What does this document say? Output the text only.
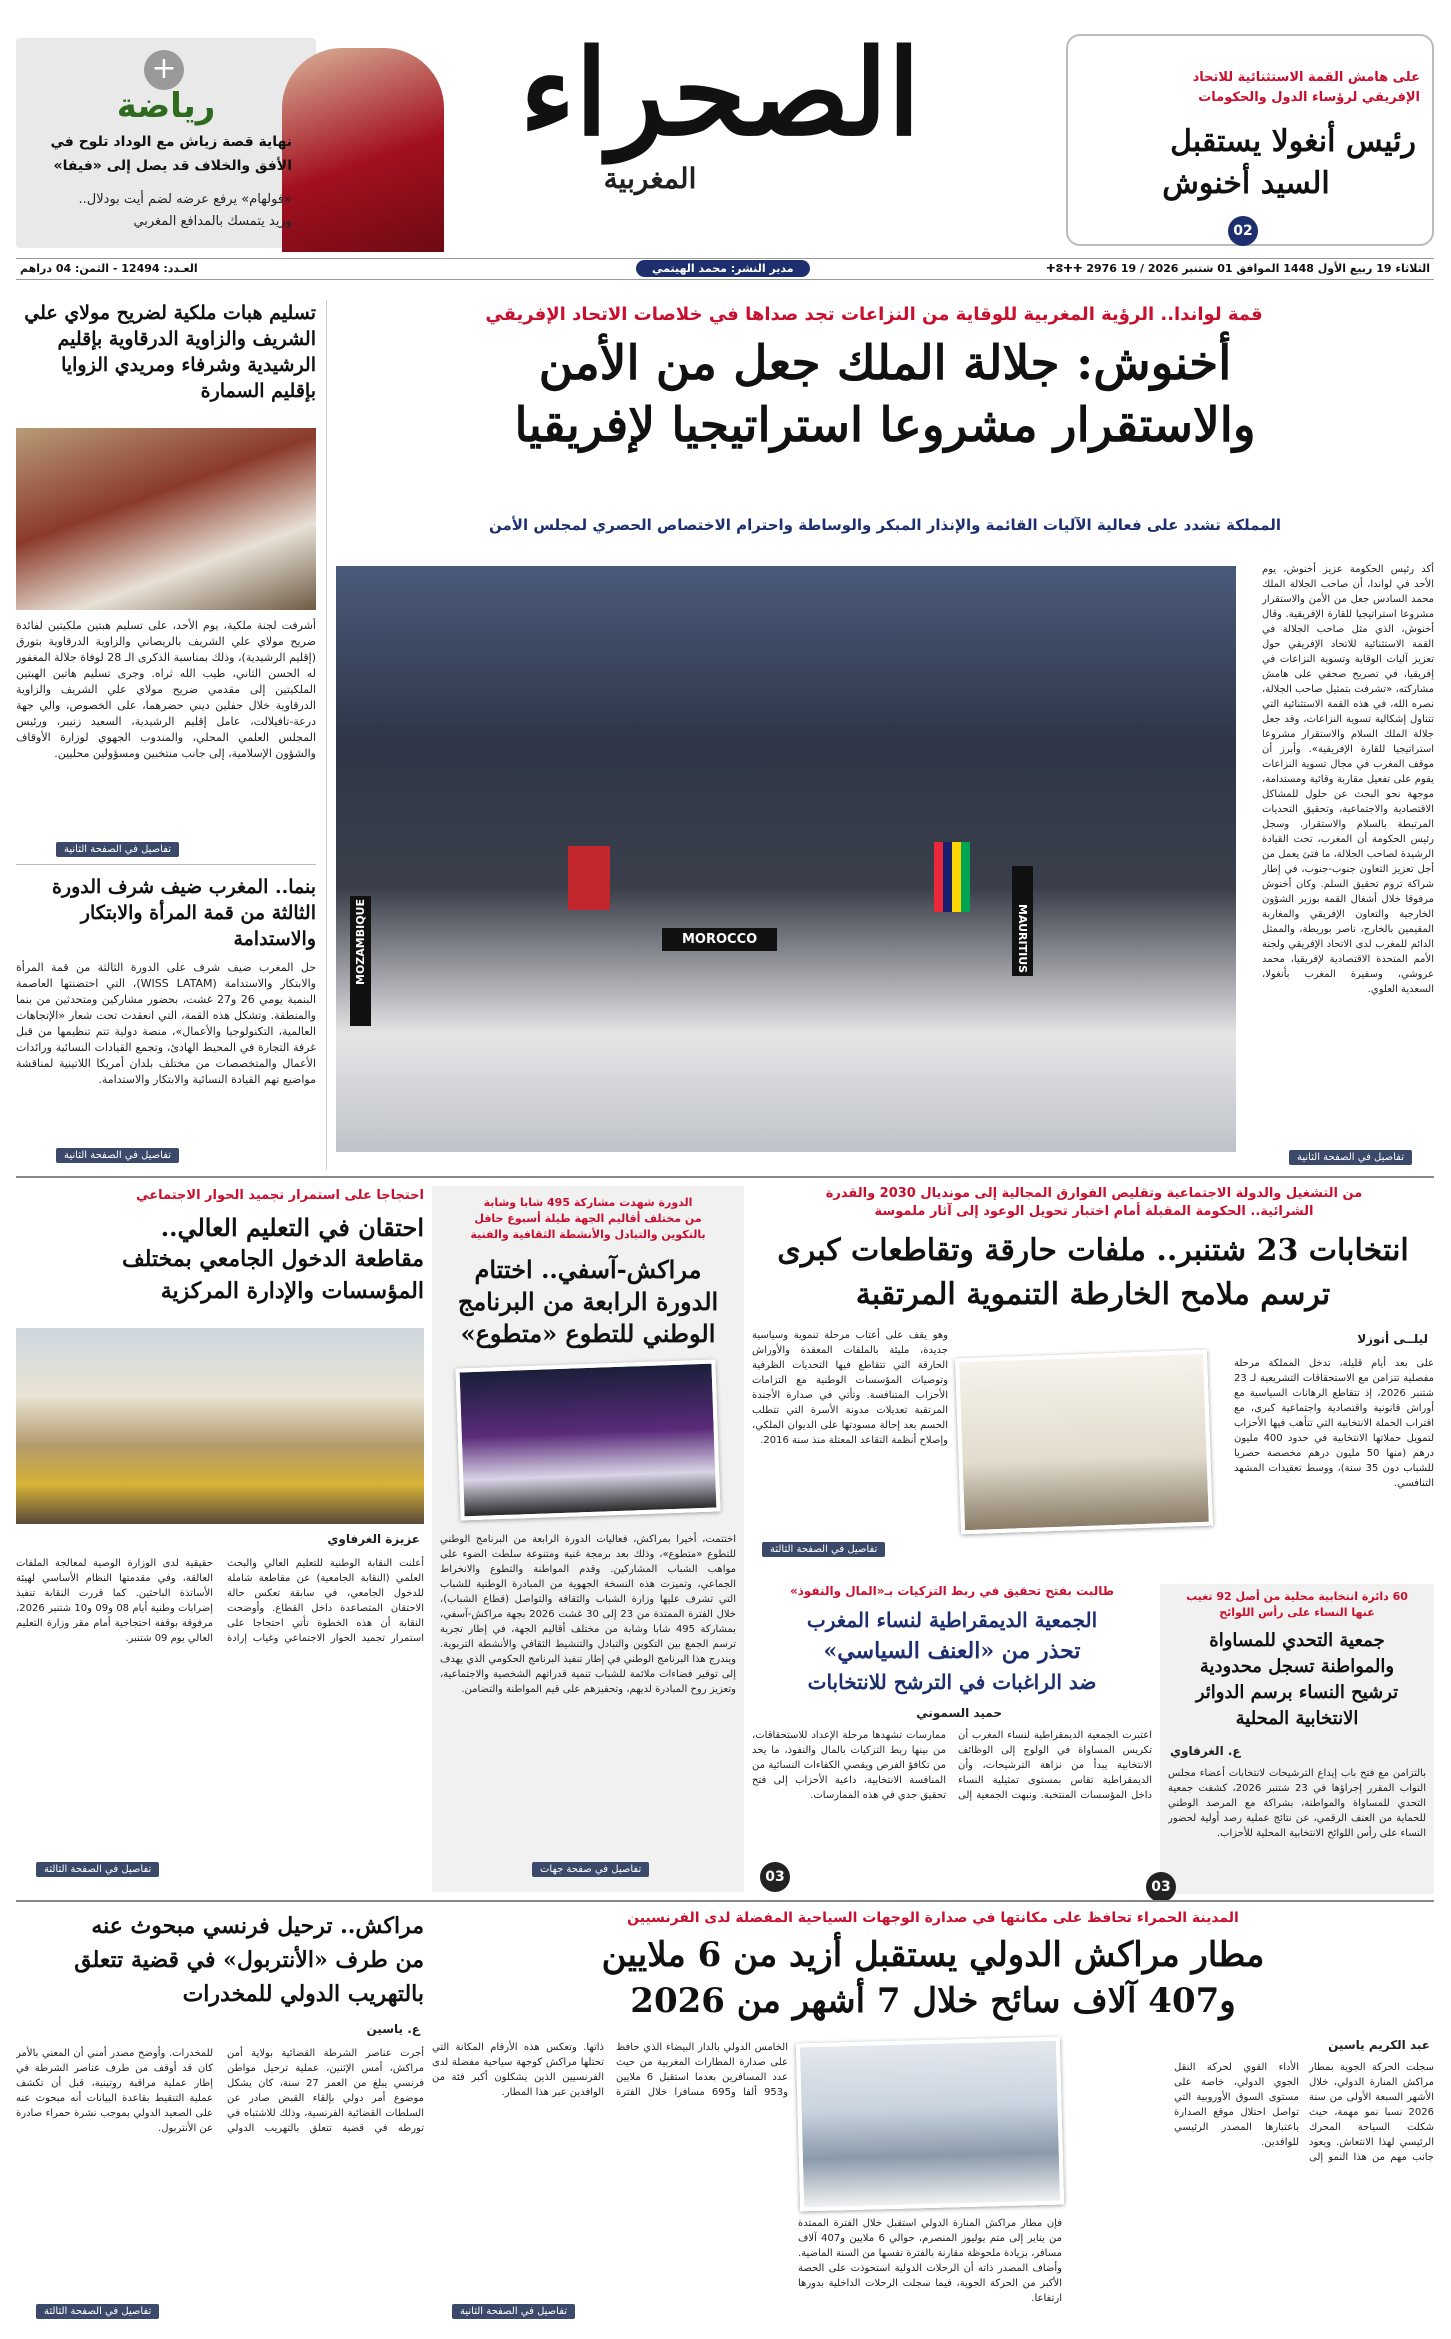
+
رياضة
نهاية قصة زياش مع الوداد تلوح في
الأفق والخلاف قد يصل إلى «فيفا»
«فولهام» يرفع عرضه لضم أيت بودلال..
وريد يتمسك بالمدافع المغربي
الصحراء
المغربية
على هامش القمة الاستثنائية للاتحاد
الإفريقي لرؤساء الدول والحكومات
رئيس أنغولا يستقبل
السيد أخنوش
02
الثلاثاء 19 ربيع الأول 1448 الموافق 01 شتنبر 2026 / 19 ⵜⵓⵜⵜ 2976
مدير النشر: محمد الهيتمي
العـدد: 12494 - الثمن: 04 دراهم
تسليم هبات ملكية لضريح مولاي علي الشريف والزاوية الدرقاوية بإقليم الرشيدية وشرفاء ومريدي الزوايا بإقليم السمارة
أشرفت لجنة ملكية، يوم الأحد، على تسليم هبتين ملكيتين لفائدة ضريح مولاي علي الشريف بالريصاني والزاوية الدرقاوية بتورق (إقليم الرشيدية)، وذلك بمناسبة الذكرى الـ 28 لوفاة جلالة المغفور له الحسن الثاني، طيب الله ثراه. وجرى تسليم هاتين الهبتين الملكيتين إلى مقدمي ضريح مولاي علي الشريف والزاوية الدرقاوية خلال حفلين ديني حضرهما، على الخصوص، والي جهة درعة-تافيلالت، عامل إقليم الرشيدية، السعيد زنيبر، ورئيس المجلس العلمي المحلي، والمندوب الجهوي لوزارة الأوقاف والشؤون الإسلامية، إلى جانب منتخبين ومسؤولين محليين.
تفاصيل في الصفحة الثانية
بنما.. المغرب ضيف شرف الدورة الثالثة من قمة المرأة والابتكار والاستدامة
حل المغرب ضيف شرف على الدورة الثالثة من قمة المرأة والابتكار والاستدامة (WISS LATAM)، التي احتضنتها العاصمة البنمية يومي 26 و27 غشت، بحضور مشاركين ومتحدثين من بنما والمنطقة. وتشكل هذه القمة، التي انعقدت تحت شعار «الإتجاهات العالمية، التكنولوجيا والأعمال»، منصة دولية تتم تنظيمها من قبل غرفة التجارة في المحيط الهادئ، وتجمع القيادات النسائية ورائدات الأعمال والمتخصصات من مختلف بلدان أمريكا اللاتينية لمناقشة مواضيع تهم القيادة النسائية والابتكار والاستدامة.
تفاصيل في الصفحة الثانية
قمة لواندا.. الرؤية المغربية للوقاية من النزاعات تجد صداها في خلاصات الاتحاد الإفريقي
أخنوش: جلالة الملك جعل من الأمن
والاستقرار مشروعا استراتيجيا لإفريقيا
المملكة تشدد على فعالية الآليات القائمة والإنذار المبكر والوساطة واحترام الاختصاص الحصري لمجلس الأمن
أكد رئيس الحكومة عزيز أخنوش، يوم الأحد في لواندا، أن صاحب الجلالة الملك محمد السادس جعل من الأمن والاستقرار مشروعا استراتيجيا للقارة الإفريقية. وقال أخنوش، الذي مثل صاحب الجلالة في القمة الاستثنائية للاتحاد الإفريقي حول تعزيز آليات الوقاية وتسوية النزاعات في إفريقيا، في تصريح صحفي على هامش مشاركته، «تشرفت بتمثيل صاحب الجلالة، نصره الله، في هذه القمة الاستثنائية التي تتناول إشكالية تسوية النزاعات، وقد جعل جلالة الملك السلام والاستقرار مشروعا استراتيجيا للقارة الإفريقية». وأبرز أن موقف المغرب في مجال تسوية النزاعات يقوم على تفعيل مقاربة وقائية ومستدامة، موجهة نحو البحث عن حلول للمشاكل الاقتصادية والاجتماعية، وتحقيق التحديات المرتبطة بالسلام والاستقرار. وسجل رئيس الحكومة أن المغرب، تحت القيادة الرشيدة لصاحب الجلالة، ما فتئ يعمل من أجل تعزيز التعاون جنوب-جنوب، في إطار شراكة تروم تحقيق السلم. وكان أخنوش مرفوقا خلال أشغال القمة بوزير الشؤون الخارجية والتعاون الإفريقي والمغاربة المقيمين بالخارج، ناصر بوريطة، والممثل الدائم للمغرب لدى الاتحاد الإفريقي ولجنة الأمم المتحدة الاقتصادية لإفريقيا، محمد عروشي، وسفيرة المغرب بأنغولا، السعدية العلوي.
تفاصيل في الصفحة الثانية
MOZAMBIQUE	MOROCCO	MAURITIUS
من التشغيل والدولة الاجتماعية وتقليص الفوارق المجالية إلى مونديال 2030 والقدرة
الشرائية.. الحكومة المقبلة أمام اختبار تحويل الوعود إلى آثار ملموسة
انتخابات 23 شتنبر.. ملفات حارقة وتقاطعات كبرى
ترسم ملامح الخارطة التنموية المرتقبة
ليلــى أنوزلا
على بعد أيام قليلة، تدخل المملكة مرحلة مفصلية تتزامن مع الاستحقاقات التشريعية لـ 23 شتنبر 2026، إذ تتقاطع الرهانات السياسية مع أوراش قانونية واقتصادية واجتماعية كبرى، مع اقتراب الحملة الانتخابية التي تتأهب فيها الأحزاب لتمويل حملاتها الانتخابية في حدود 400 مليون درهم (منها 50 مليون درهم مخصصة حصريا للشباب دون 35 سنة)، ووسط تعقيدات المشهد التنافسي.
وهو يقف على أعتاب مرحلة تنموية وسياسية جديدة، مليئة بالملفات المعقدة والأوراش الحارقة التي تتقاطع فيها التحديات الظرفية وتوصيات المؤسسات الوطنية مع التزامات الأحزاب المتنافسة. وتأتي في صدارة الأجندة المرتقبة تعديلات مدونة الأسرة التي تتطلب الحسم بعد إحالة مسودتها على الديوان الملكي، وإصلاح أنظمة التقاعد المعتلة منذ سنة 2016.
تفاصيل في الصفحة الثالثة
الدورة شهدت مشاركة 495 شابا وشابة
من مختلف أقاليم الجهة طيلة أسبوع حافل
بالتكوين والتبادل والأنشطة الثقافية والفنية
مراكش-آسفي.. اختتام
الدورة الرابعة من البرنامج
الوطني للتطوع «متطوع»
اختتمت، أخيرا بمراكش، فعاليات الدورة الرابعة من البرنامج الوطني للتطوع «متطوع»، وذلك بعد برمجة غنية ومتنوعة سلطت الضوء على مواهب الشباب المشاركين. وقدم المواطنة والتطوع والانخراط الجماعي، وتميزت هذه النسخة الجهوية من المبادرة الوطنية للشباب التي تشرف عليها وزارة الشباب والثقافة والتواصل (قطاع الشباب)، خلال الفترة الممتدة من 23 إلى 30 غشت 2026 بجهة مراكش-آسفي، بمشاركة 495 شابا وشابة من مختلف أقاليم الجهة، في إطار تجربة ترسم الجمع بين التكوين والتبادل والتنشيط الثقافي والأنشطة التربوية. ويندرج هذا البرنامج الوطني في إطار تنفيذ البرنامج الحكومي الذي يهدف إلى توفير فضاءات ملائمة للشباب تنمية قدراتهم الشخصية والاجتماعية، وتعزيز روح المبادرة لديهم، وتحفيزهم على قيم المواطنة والتضامن.
تفاصيل في صفحة جهات
احتجاجا على استمرار تجميد الحوار الاجتماعي
احتقان في التعليم العالي..
مقاطعة الدخول الجامعي بمختلف
المؤسسات والإدارة المركزية
عزيزة الغرفاوي
أعلنت النقابة الوطنية للتعليم العالي والبحث العلمي (النقابة الجامعية) عن مقاطعة شاملة للدخول الجامعي، في سابقة تعكس حالة الاحتقان المتصاعدة داخل القطاع. وأوضحت النقابة أن هذه الخطوة تأتي احتجاجا على استمرار تجميد الحوار الاجتماعي وغياب إرادة حقيقية لدى الوزارة الوصية لمعالجة الملفات العالقة، وفي مقدمتها النظام الأساسي لهيئة الأساتذة الباحثين. كما قررت النقابة تنفيذ إضرابات وطنية أيام 08 و09 و10 شتنبر 2026، مرفوقة بوقفة احتجاجية أمام مقر وزارة التعليم العالي يوم 09 شتنبر.
تفاصيل في الصفحة الثالثة
طالبت بفتح تحقيق في ربط التزكيات بـ«المال والنفوذ»
الجمعية الديمقراطية لنساء المغرب
تحذر من «العنف السياسي»
ضد الراغبات في الترشح للانتخابات
حميد السموني
اعتبرت الجمعية الديمقراطية لنساء المغرب أن تكريس المساواة في الولوج إلى الوظائف الانتخابية يبدأ من نزاهة الترشيحات، وأن الديمقراطية تقاس بمستوى تمثيلية النساء داخل المؤسسات المنتخبة. ونبهت الجمعية إلى ممارسات تشهدها مرحلة الإعداد للاستحقاقات، من بينها ربط التزكيات بالمال والنفوذ، ما يحد من تكافؤ الفرص ويقصي الكفاءات النسائية من المنافسة الانتخابية، داعية الأحزاب إلى فتح تحقيق جدي في هذه الممارسات.
03
60 دائرة انتخابية محلية من أصل 92 تغيب
عنها النساء على رأس اللوائح
جمعية التحدي للمساواة
والمواطنة تسجل محدودية
ترشيح النساء برسم الدوائر
الانتخابية المحلية
ع. الغرفاوي
بالتزامن مع فتح باب إيداع الترشيحات لانتخابات أعضاء مجلس النواب المقرر إجراؤها في 23 شتنبر 2026، كشفت جمعية التحدي للمساواة والمواطنة، بشراكة مع المرصد الوطني للحماية من العنف الرقمي، عن نتائج عملية رصد أولية لحضور النساء على رأس اللوائح الانتخابية المحلية للأحزاب.
03
مراكش.. ترحيل فرنسي مبحوث عنه
من طرف «الأنتربول» في قضية تتعلق
بالتهريب الدولي للمخدرات
ع. ياسين
أجرت عناصر الشرطة القضائية بولاية أمن مراكش، أمس الإثنين، عملية ترحيل مواطن فرنسي يبلغ من العمر 27 سنة، كان يشكل موضوع أمر دولي بإلقاء القبض صادر عن السلطات القضائية الفرنسية، وذلك للاشتباه في تورطه في قضية تتعلق بالتهريب الدولي للمخدرات. وأوضح مصدر أمني أن المعني بالأمر كان قد أوقف من طرف عناصر الشرطة في إطار عملية مراقبة روتينية، قبل أن تكشف عملية التنقيط بقاعدة البيانات أنه مبحوث عنه على الصعيد الدولي بموجب نشرة حمراء صادرة عن الأنتربول.
تفاصيل في الصفحة الثالثة
المدينة الحمراء تحافظ على مكانتها في صدارة الوجهات السياحية المفضلة لدى الفرنسيين
مطار مراكش الدولي يستقبل أزيد من 6 ملايين
و407 آلاف سائح خلال 7 أشهر من 2026
عبد الكريم ياسين
سجلت الحركة الجوية بمطار مراكش المنارة الدولي، خلال الأشهر السبعة الأولى من سنة 2026 نسبا نمو مهمة، حيث شكلت السياحة المحرك الرئيسي لهذا الانتعاش. ويعود جانب مهم من هذا النمو إلى الأداء القوي لحركة النقل الجوي الدولي، خاصة على مستوى السوق الأوروبية التي تواصل احتلال موقع الصدارة باعتبارها المصدر الرئيسي للوافدين.
فإن مطار مراكش المنارة الدولي استقبل خلال الفترة الممتدة من يناير إلى متم يوليوز المنصرم، حوالي 6 ملايين و407 آلاف مسافر، بزيادة ملحوظة مقارنة بالفترة نفسها من السنة الماضية. وأضاف المصدر ذاته أن الرحلات الدولية استحوذت على الحصة الأكبر من الحركة الجوية، فيما سجلت الرحلات الداخلية بدورها ارتفاعا.
الخامس الدولي بالدار البيضاء الذي حافظ على صدارة المطارات المغربية من حيث عدد المسافرين بعدما استقبل 6 ملايين و953 ألفا و695 مسافرا خلال الفترة ذاتها. وتعكس هذه الأرقام المكانة التي تحتلها مراكش كوجهة سياحية مفضلة لدى الفرنسيين الذين يشكلون أكبر فئة من الوافدين عبر هذا المطار.
تفاصيل في الصفحة الثانية
